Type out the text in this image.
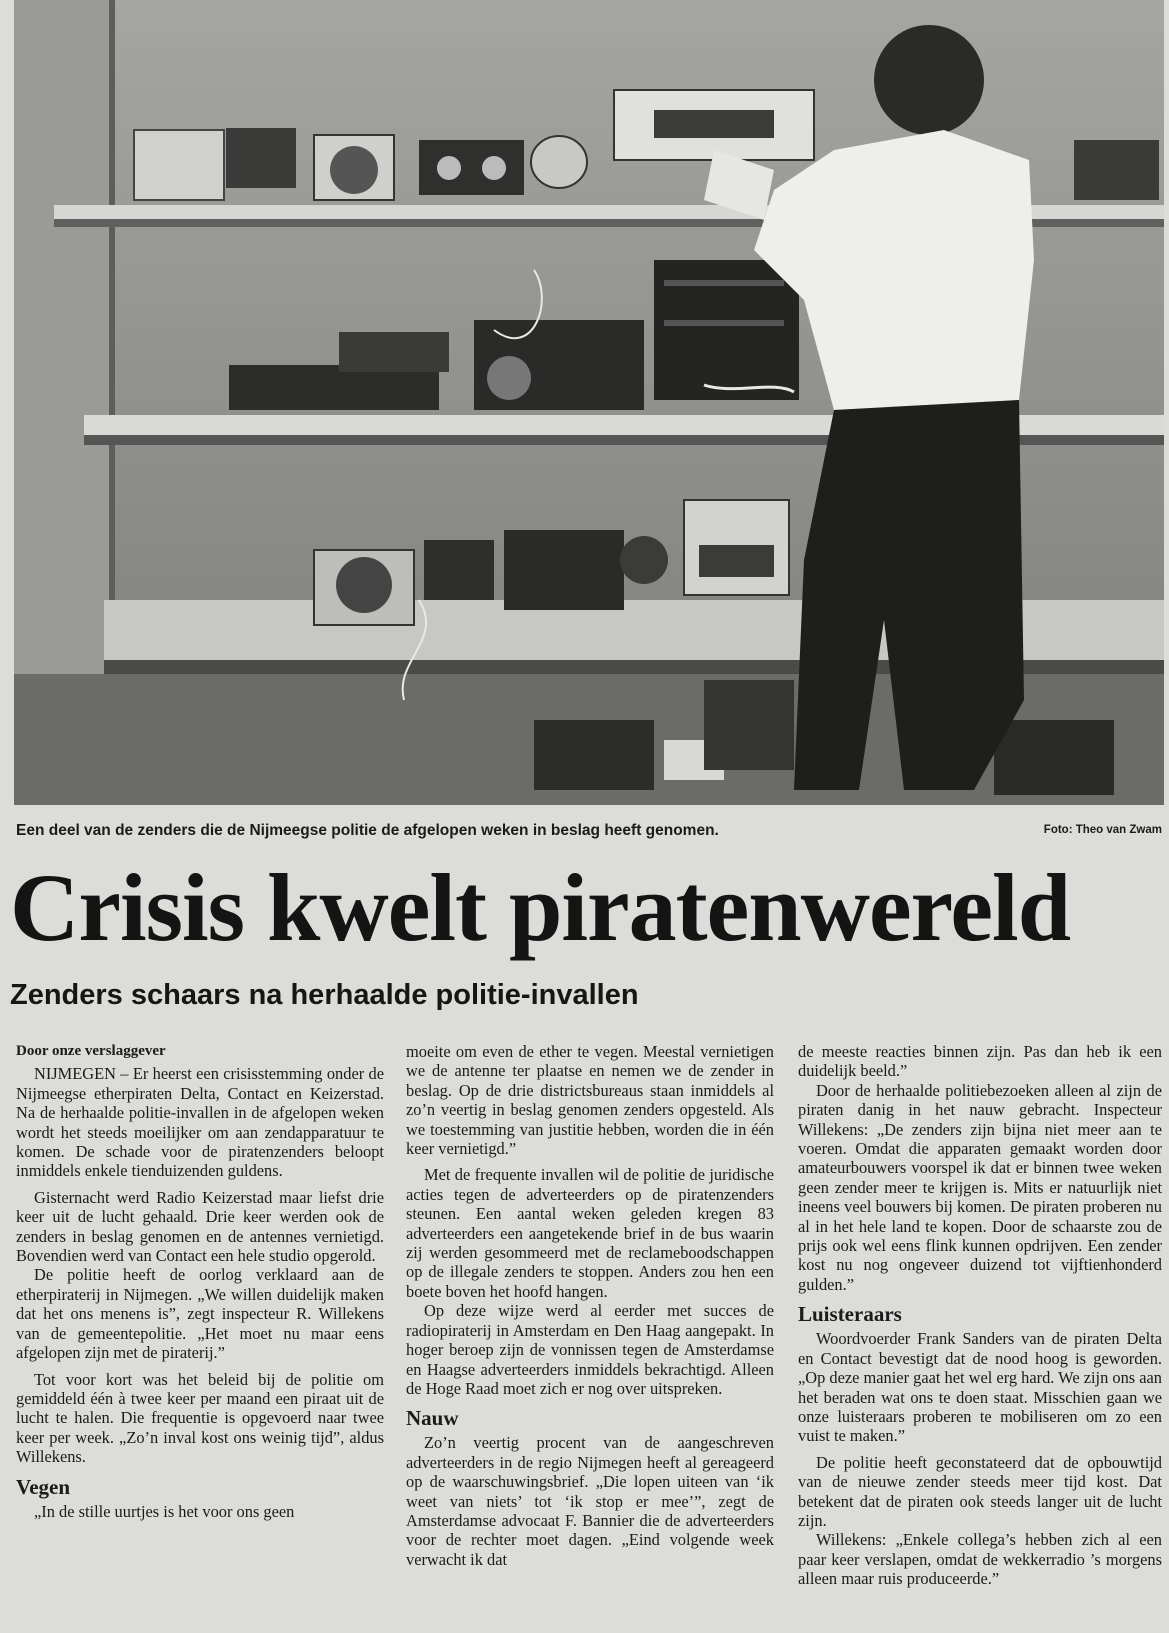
Een deel van de zenders die de Nijmeegse politie de afgelopen weken in beslag heeft genomen.	Foto: Theo van Zwam
Crisis kwelt piratenwereld
Zenders schaars na herhaalde politie-invallen

Door onze verslaggever

NIJMEGEN – Er heerst een crisisstemming onder de Nijmeegse etherpiraten Delta, Contact en Keizerstad. Na de herhaalde politie-invallen in de afgelopen weken wordt het steeds moeilijker om aan zendapparatuur te komen. De schade voor de piratenzenders beloopt inmiddels enkele tienduizenden guldens.

Gisternacht werd Radio Keizerstad maar liefst drie keer uit de lucht gehaald. Drie keer werden ook de zenders in beslag genomen en de antennes vernietigd. Bovendien werd van Contact een hele studio opgerold.

De politie heeft de oorlog verklaard aan de etherpiraterij in Nijmegen. „We willen duidelijk maken dat het ons menens is”, zegt inspecteur R. Willekens van de gemeentepolitie. „Het moet nu maar eens afgelopen zijn met de piraterij.”

Tot voor kort was het beleid bij de politie om gemiddeld één à twee keer per maand een piraat uit de lucht te halen. Die frequentie is opgevoerd naar twee keer per week. „Zo’n inval kost ons weinig tijd”, aldus Willekens.

Vegen

„In de stille uurtjes is het voor ons geen

moeite om even de ether te vegen. Meestal vernietigen we de antenne ter plaatse en nemen we de zender in beslag. Op de drie districtsbureaus staan inmiddels al zo’n veertig in beslag genomen zenders opgesteld. Als we toestemming van justitie hebben, worden die in één keer vernietigd.”

Met de frequente invallen wil de politie de juridische acties tegen de adverteerders op de piratenzenders steunen. Een aantal weken geleden kregen 83 adverteerders een aangetekende brief in de bus waarin zij werden gesommeerd met de reclameboodschappen op de illegale zenders te stoppen. Anders zou hen een boete boven het hoofd hangen.

Op deze wijze werd al eerder met succes de radiopiraterij in Amsterdam en Den Haag aangepakt. In hoger beroep zijn de vonnissen tegen de Amsterdamse en Haagse adverteerders inmiddels bekrachtigd. Alleen de Hoge Raad moet zich er nog over uitspreken.

Nauw

Zo’n veertig procent van de aangeschreven adverteerders in de regio Nijmegen heeft al gereageerd op de waarschuwingsbrief. „Die lopen uiteen van ‘ik weet van niets’ tot ‘ik stop er mee’”, zegt de Amsterdamse advocaat F. Bannier die de adverteerders voor de rechter moet dagen. „Eind volgende week verwacht ik dat

de meeste reacties binnen zijn. Pas dan heb ik een duidelijk beeld.”

Door de herhaalde politiebezoeken alleen al zijn de piraten danig in het nauw gebracht. Inspecteur Willekens: „De zenders zijn bijna niet meer aan te voeren. Omdat die apparaten gemaakt worden door amateurbouwers voorspel ik dat er binnen twee weken geen zender meer te krijgen is. Mits er natuurlijk niet ineens veel bouwers bij komen. De piraten proberen nu al in het hele land te kopen. Door de schaarste zou de prijs ook wel eens flink kunnen opdrijven. Een zender kost nu nog ongeveer duizend tot vijftienhonderd gulden.”

Luisteraars

Woordvoerder Frank Sanders van de piraten Delta en Contact bevestigt dat de nood hoog is geworden. „Op deze manier gaat het wel erg hard. We zijn ons aan het beraden wat ons te doen staat. Misschien gaan we onze luisteraars proberen te mobiliseren om zo een vuist te maken.”

De politie heeft geconstateerd dat de opbouwtijd van de nieuwe zender steeds meer tijd kost. Dat betekent dat de piraten ook steeds langer uit de lucht zijn.

Willekens: „Enkele collega’s hebben zich al een paar keer verslapen, omdat de wekkerradio ’s morgens alleen maar ruis produceerde.”
